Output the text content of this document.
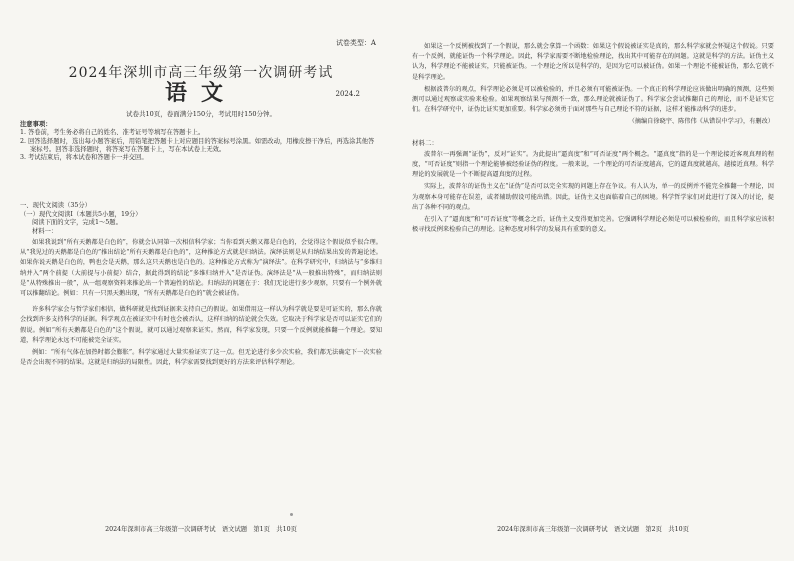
试卷类型：A
2024年深圳市高三年级第一次调研考试
语文	2024.2
试卷共10页，卷面满分150分，考试用时150分钟。
注意事项：
1. 答卷前，考生务必将自己的姓名、准考证号等填写在答题卡上。
2. 回答选择题时，选出每小题答案后，用铅笔把答题卡上对应题目的答案标号涂黑。如需改动，用橡皮擦干净后，再选涂其他答案标号。回答非选择题时，将答案写在答题卡上，写在本试卷上无效。
3. 考试结束后，将本试卷和答题卡一并交回。
一、现代文阅读（35分）
（一）现代文阅读I（本题共5小题，19分）
阅读下面的文字，完成1～5题。
材料一：

如果我说到“所有天鹅都是白色的”，你就会认同第一次相信科学家；当你看到天鹅又都是白色的，会觉得这个假说似乎很合理。从“我见过的天鹅都是白色的”推出结论“所有天鹅都是白色的”，这种推论方式就是归纳法。演绎法则是从归纳结果出发的普遍论述。如果你说天鹅是白色的，鸭也会是天鹅，那么这只天鹅也是白色的。这种推论方式称为“演绎法”。在科学研究中，归纳法与“多维归纳并入”两个前提（大前提与小前提）结合，据此得到的结论“多维归纳并入”是否证伪。演绎法是“从一般推出特殊”，而归纳法则是“从特殊推出一般”，从一组观察资料来推论出一个普遍性的结论。归纳法的问题在于：我们无论进行多少观察，只要有一个例外就可以推翻结论。例如：只有一只黑天鹅出现，“所有天鹅都是白色的”就会被证伪。

许多科学家会与哲学家们相信，做科研就是找到证据来支持自己的假说。如果借用这一样认为科学就是要是可证实的，那么你就会找到许多支持科学的证据。科学观点在被证实中有时也会被否认，这样归纳的结论就会失效。它取决于科学家是否可以证实它们的假说。例如“所有天鹅都是白色的”这个假说，就可以通过观察来证实。然而，科学家发现，只要一个反例就能推翻一个理论。要知道，科学理论永远不可能被完全证实。

例如：“所有气体在加热时都会膨胀”。科学家通过大量实验证实了这一点。但无论进行多少次实验，我们都无法确定下一次实验是否会出现不同的结果。这就是归纳法的局限性。因此，科学家需要找到更好的方法来评估科学理论。

2024年深圳市高三年级第一次调研考试　语文试题　第1页　共10页

如果这一个反例被找到了一个假说，那么就会拿算一个函数：如果这个假说被证实是真的，那么科学家就会怀疑这个假说。只要有一个反例，就能证伪一个科学理论。因此，科学家需要不断地检验理论，找出其中可能存在的问题。这就是科学的方法。证伪主义认为，科学理论不能被证实，只能被证伪。一个理论之所以是科学的，是因为它可以被证伪。如果一个理论不能被证伪，那么它就不是科学理论。

根据波普尔的观点，科学理论必须是可以被检验的，并且必须有可能被证伪。一个真正的科学理论应该做出明确的预测，这些预测可以通过观察或实验来检验。如果观察结果与预测不一致，那么理论就被证伪了。科学家会尝试推翻自己的理论，而不是证实它们。在科学研究中，证伪比证实更加重要。科学家必须勇于面对那些与自己理论不符的证据，这样才能推动科学的进步。

（摘编自徐晓宇、陈伟伟《从错误中学习》，有删改）
材料二：

波普尔一再强调“证伪”，反对“证实”。为此提出“逼真度”和“可否证度”两个概念。“逼真度”指的是一个理论接近客观真理的程度，“可否证度”则指一个理论能够被经验证伪的程度。一般来说，一个理论的可否证度越高，它的逼真度就越高，越接近真理。科学理论的发展就是一个不断提高逼真度的过程。

实际上，波普尔的证伪主义在“证伪”是否可以完全实现的问题上存在争议。有人认为，单一的反例并不能完全推翻一个理论，因为观察本身可能存在误差，或者辅助假设可能出错。因此，证伪主义也面临着自己的困境。科学哲学家们对此进行了深入的讨论，提出了各种不同的观点。

在引入了“逼真度”和“可否证度”等概念之后，证伪主义变得更加完善。它强调科学理论必须是可以被检验的，而且科学家应该积极寻找反例来检验自己的理论。这种态度对科学的发展具有重要的意义。

2024年深圳市高三年级第一次调研考试　语文试题　第2页　共10页
